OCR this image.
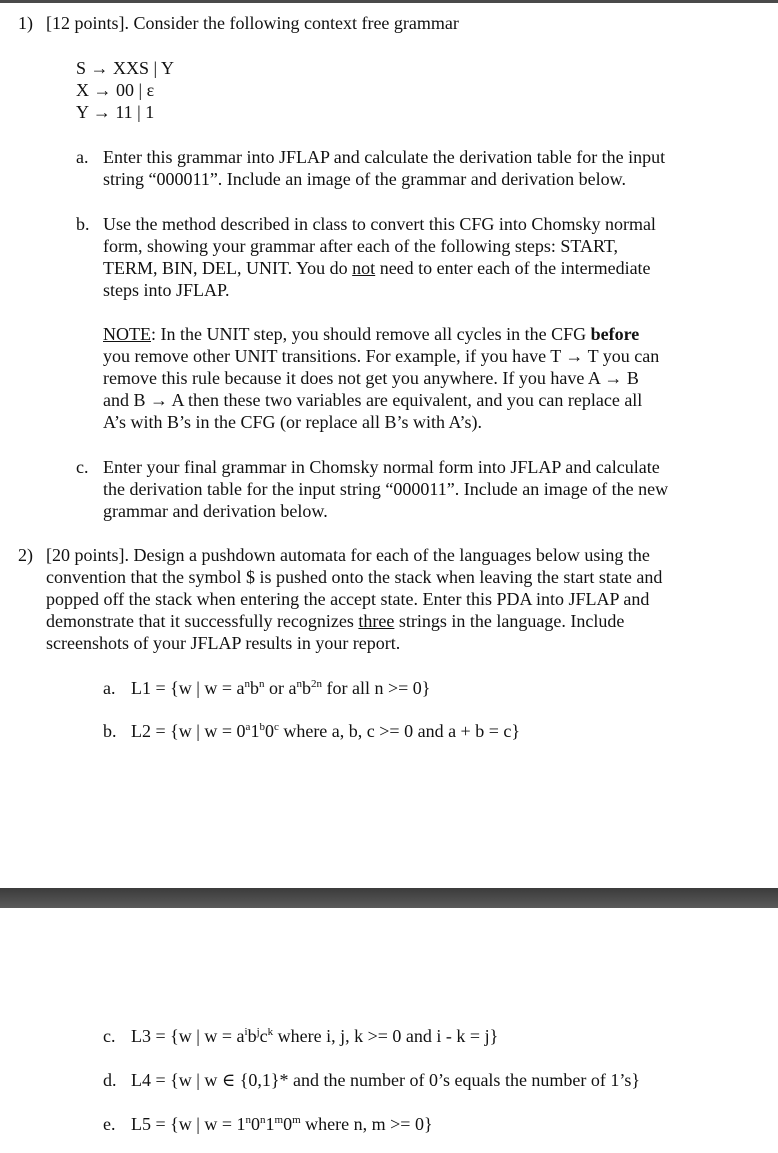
1) [12 points]. Consider the following context free grammar
S → XXS | Y
X → 00 | ε
Y → 11 | 1
a. Enter this grammar into JFLAP and calculate the derivation table for the input
string “000011”. Include an image of the grammar and derivation below.
b. Use the method described in class to convert this CFG into Chomsky normal
form, showing your grammar after each of the following steps: START,
TERM, BIN, DEL, UNIT. You do not need to enter each of the intermediate
steps into JFLAP.
NOTE: In the UNIT step, you should remove all cycles in the CFG before
you remove other UNIT transitions. For example, if you have T → T you can
remove this rule because it does not get you anywhere. If you have A → B
and B → A then these two variables are equivalent, and you can replace all
A’s with B’s in the CFG (or replace all B’s with A’s).
c. Enter your final grammar in Chomsky normal form into JFLAP and calculate
the derivation table for the input string “000011”. Include an image of the new
grammar and derivation below.
2) [20 points]. Design a pushdown automata for each of the languages below using the
convention that the symbol $ is pushed onto the stack when leaving the start state and
popped off the stack when entering the accept state. Enter this PDA into JFLAP and
demonstrate that it successfully recognizes three strings in the language. Include
screenshots of your JFLAP results in your report.
a. L1 = {w | $w = a^nb^n$ or $a^nb^{2n}$ for all n >= 0}
b. L2 = {w | $w = 0^a1^b0^c$ where a, b, c >= 0 and a + b = c}
c. L3 = {w | $w = a^ib^jc^k$ where i, j, k >= 0 and i - k = j}
d. L4 = {w | w ∈ {0,1}* and the number of 0’s equals the number of 1’s}
e. L5 = {w | $w = 1^n0^n1^m0^m$ where n, m >= 0}
